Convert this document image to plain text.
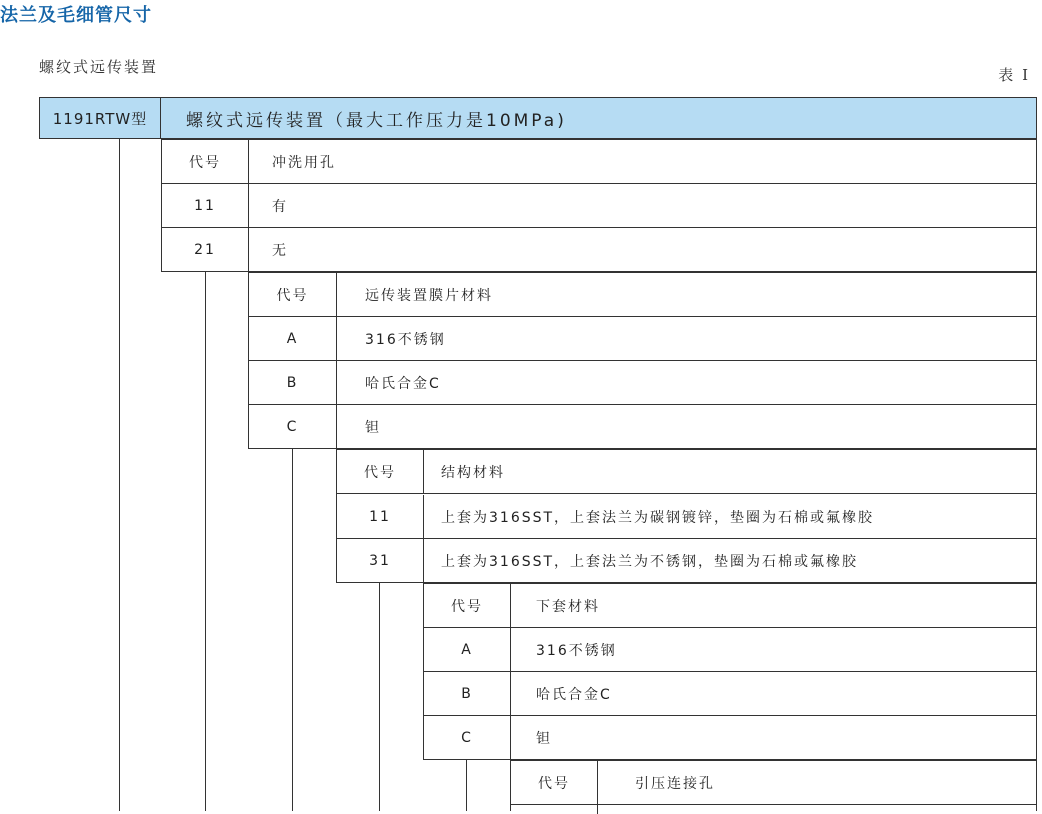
法兰及毛细管尺寸
螺纹式远传装置	表 I
1191RTW型	螺纹式远传装置（最大工作压力是10MPa)
代号	冲洗用孔
11	有
21	无
代号	远传装置膜片材料
A	316不锈钢
B	哈氏合金C
C	钽
代号	结构材料
11	上套为316SST，上套法兰为碳钢镀锌，垫圈为石棉或氟橡胶
31	上套为316SST，上套法兰为不锈钢，垫圈为石棉或氟橡胶
代号	下套材料
A	316不锈钢
B	哈氏合金C
C	钽
代号	引压连接孔
